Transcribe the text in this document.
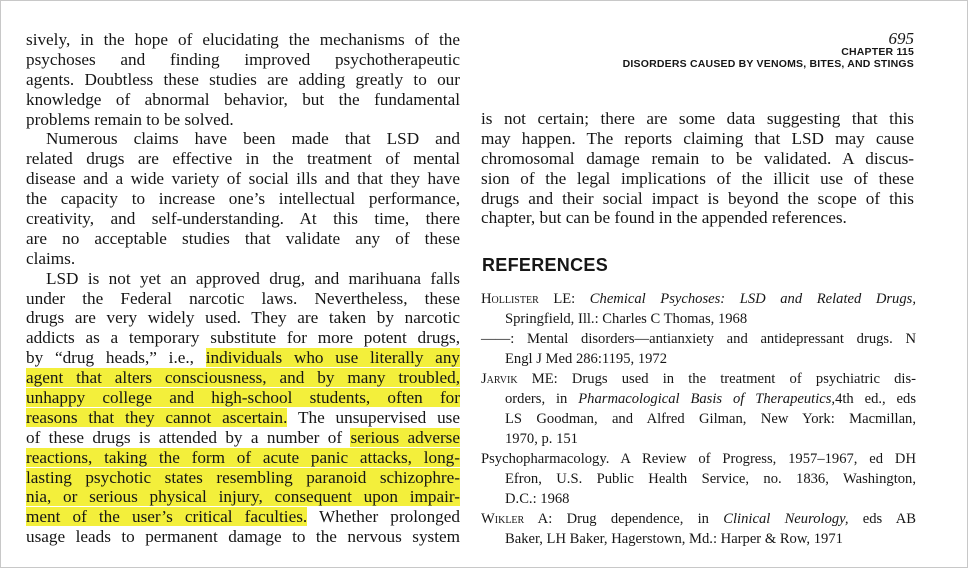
695
CHAPTER 115
DISORDERS CAUSED BY VENOMS, BITES, AND STINGS
sively, in the hope of elucidating the mechanisms of the
psychoses and finding improved psychotherapeutic
agents. Doubtless these studies are adding greatly to our
knowledge of abnormal behavior, but the fundamental
problems remain to be solved.
Numerous claims have been made that LSD and
related drugs are effective in the treatment of mental
disease and a wide variety of social ills and that they have
the capacity to increase one’s intellectual performance,
creativity, and self-understanding. At this time, there
are no acceptable studies that validate any of these
claims.
LSD is not yet an approved drug, and marihuana falls
under the Federal narcotic laws. Nevertheless, these
drugs are very widely used. They are taken by narcotic
addicts as a temporary substitute for more potent drugs,
by “drug heads,” i.e., individuals who use literally any
agent that alters consciousness, and by many troubled,
unhappy college and high-school students, often for
reasons that they cannot ascertain. The unsupervised use
of these drugs is attended by a number of serious adverse
reactions, taking the form of acute panic attacks, long-
lasting psychotic states resembling paranoid schizophre-
nia, or serious physical injury, consequent upon impair-
ment of the user’s critical faculties. Whether prolonged
usage leads to permanent damage to the nervous system
is not certain; there are some data suggesting that this
may happen. The reports claiming that LSD may cause
chromosomal damage remain to be validated. A discus-
sion of the legal implications of the illicit use of these
drugs and their social impact is beyond the scope of this
chapter, but can be found in the appended references.
REFERENCES
Hollister LE: Chemical Psychoses: LSD and Related Drugs,
Springfield, Ill.: Charles C Thomas, 1968
——: Mental disorders—antianxiety and antidepressant drugs. N
Engl J Med 286:1195, 1972
Jarvik ME: Drugs used in the treatment of psychiatric dis-
orders, in Pharmacological Basis of Therapeutics,4th ed., eds
LS Goodman, and Alfred Gilman, New York: Macmillan,
1970, p. 151
Psychopharmacology. A Review of Progress, 1957–1967, ed DH
Efron, U.S. Public Health Service, no. 1836, Washington,
D.C.: 1968
Wikler A: Drug dependence, in Clinical Neurology, eds AB
Baker, LH Baker, Hagerstown, Md.: Harper & Row, 1971
